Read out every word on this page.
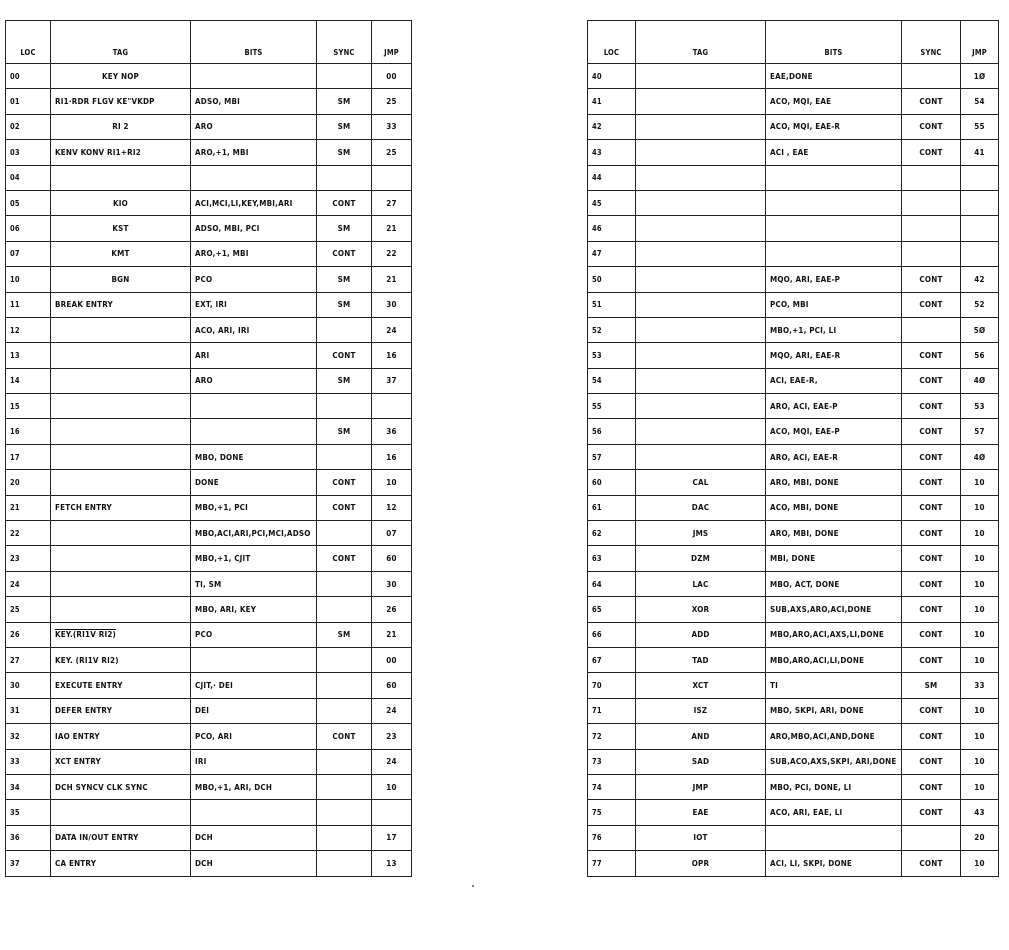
LOC	TAG	BITS	SYNC	JMP
00	KEY NOP			00
01	RI1·RDR FLGV KE"VKDP	ADSO, MBI	SM	25
02	RI 2	ARO	SM	33
03	KENV KONV RI1+RI2	ARO,+1, MBI	SM	25
04				
05	KIO	ACI,MCI,LI,KEY,MBI,ARI	CONT	27
06	KST	ADSO, MBI, PCI	SM	21
07	KMT	ARO,+1, MBI	CONT	22
10	BGN	PCO	SM	21
11	BREAK ENTRY	EXT, IRI	SM	30
12		ACO, ARI, IRI		24
13		ARI	CONT	16
14		ARO	SM	37
15				
16			SM	36
17		MBO, DONE		16
20		DONE	CONT	10
21	FETCH ENTRY	MBO,+1, PCI	CONT	12
22		MBO,ACI,ARI,PCI,MCI,ADSO		07
23		MBO,+1, CJIT	CONT	60
24		TI, SM		30
25		MBO, ARI, KEY		26
26	KEY.(RI1V RI2)	PCO	SM	21
27	KEY. (RI1V RI2)			00
30	EXECUTE ENTRY	CJIT,· DEI		60
31	DEFER ENTRY	DEI		24
32	IAO ENTRY	PCO, ARI	CONT	23
33	XCT ENTRY	IRI		24
34	DCH SYNCV CLK SYNC	MBO,+1, ARI, DCH		10
35				
36	DATA IN/OUT ENTRY	DCH		17
37	CA ENTRY	DCH		13
LOC	TAG	BITS	SYNC	JMP
40		EAE,DONE		1Ø
41		ACO, MQI, EAE	CONT	54
42		ACO, MQI, EAE-R	CONT	55
43		ACI , EAE	CONT	41
44				
45				
46				
47				
50		MQO, ARI, EAE-P	CONT	42
51		PCO, MBI	CONT	52
52		MBO,+1, PCI, LI		5Ø
53		MQO, ARI, EAE-R	CONT	56
54		ACI, EAE-R,	CONT	4Ø
55		ARO, ACI, EAE-P	CONT	53
56		ACO, MQI, EAE-P	CONT	57
57		ARO, ACI, EAE-R	CONT	4Ø
60	CAL	ARO, MBI, DONE	CONT	10
61	DAC	ACO, MBI, DONE	CONT	10
62	JMS	ARO, MBI, DONE	CONT	10
63	DZM	MBI, DONE	CONT	10
64	LAC	MBO, ACT, DONE	CONT	10
65	XOR	SUB,AXS,ARO,ACI,DONE	CONT	10
66	ADD	MBO,ARO,ACI,AXS,LI,DONE	CONT	10
67	TAD	MBO,ARO,ACI,LI,DONE	CONT	10
70	XCT	TI	SM	33
71	ISZ	MBO, SKPI, ARI, DONE	CONT	10
72	AND	ARO,MBO,ACI,AND,DONE	CONT	10
73	SAD	SUB,ACO,AXS,SKPI, ARI,DONE	CONT	10
74	JMP	MBO, PCI, DONE, LI	CONT	10
75	EAE	ACO, ARI, EAE, LI	CONT	43
76	IOT			20
77	OPR	ACI, LI, SKPI, DONE	CONT	10
